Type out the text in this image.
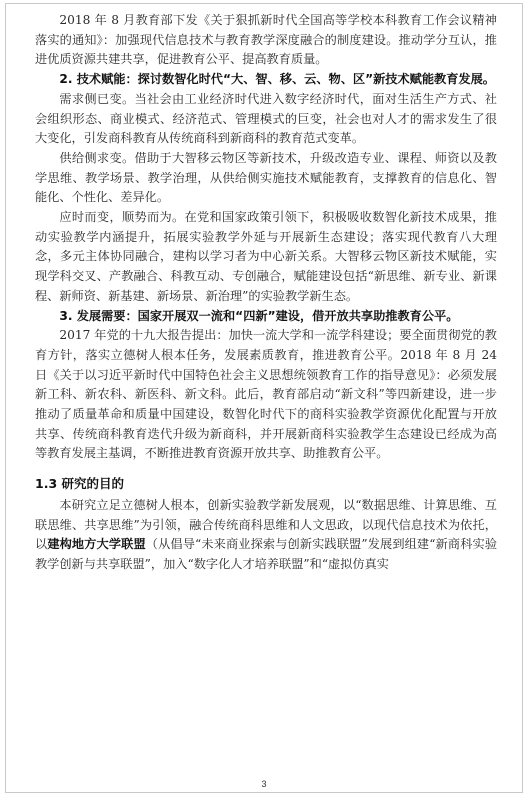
2018 年 8 月教育部下发《关于狠抓新时代全国高等学校本科教育工作会议精神落实的通知》：加强现代信息技术与教育教学深度融合的制度建设。推动学分互认，推进优质资源共建共享，促进教育公平、提高教育质量。

2. 技术赋能：探讨数智化时代“大、智、移、云、物、区”新技术赋能教育发展。

需求侧已变。当社会由工业经济时代进入数字经济时代，面对生活生产方式、社会组织形态、商业模式、经济范式、管理模式的巨变，社会也对人才的需求发生了很大变化，引发商科教育从传统商科到新商科的教育范式变革。

供给侧求变。借助于大智移云物区等新技术，升级改造专业、课程、师资以及教学思维、教学场景、教学治理，从供给侧实施技术赋能教育，支撑教育的信息化、智能化、个性化、差异化。

应时而变，顺势而为。在党和国家政策引领下，积极吸收数智化新技术成果，推动实验教学内涵提升，拓展实验教学外延与开展新生态建设；落实现代教育八大理念，多元主体协同融合，建构以学习者为中心新关系。大智移云物区新技术赋能，实现学科交叉、产教融合、科教互动、专创融合，赋能建设包括“新思维、新专业、新课程、新师资、新基建、新场景、新治理”的实验教学新生态。

3. 发展需要：国家开展双一流和“四新”建设，借开放共享助推教育公平。

2017 年党的十九大报告提出：加快一流大学和一流学科建设；要全面贯彻党的教育方针，落实立德树人根本任务，发展素质教育，推进教育公平。2018 年 8 月 24 日《关于以习近平新时代中国特色社会主义思想统领教育工作的指导意见》：必须发展新工科、新农科、新医科、新文科。此后，教育部启动“新文科”等四新建设，进一步推动了质量革命和质量中国建设，数智化时代下的商科实验教学资源优化配置与开放共享、传统商科教育迭代升级为新商科，并开展新商科实验教学生态建设已经成为高等教育发展主基调，不断推进教育资源开放共享、助推教育公平。

1.3 研究的目的

本研究立足立德树人根本，创新实验教学新发展观，以“数据思维、计算思维、互联思维、共享思维”为引领，融合传统商科思维和人文思政，以现代信息技术为依托，以建构地方大学联盟（从倡导“未来商业探索与创新实践联盟”发展到组建“新商科实验教学创新与共享联盟”，加入“数字化人才培养联盟”和“虚拟仿真实

3
